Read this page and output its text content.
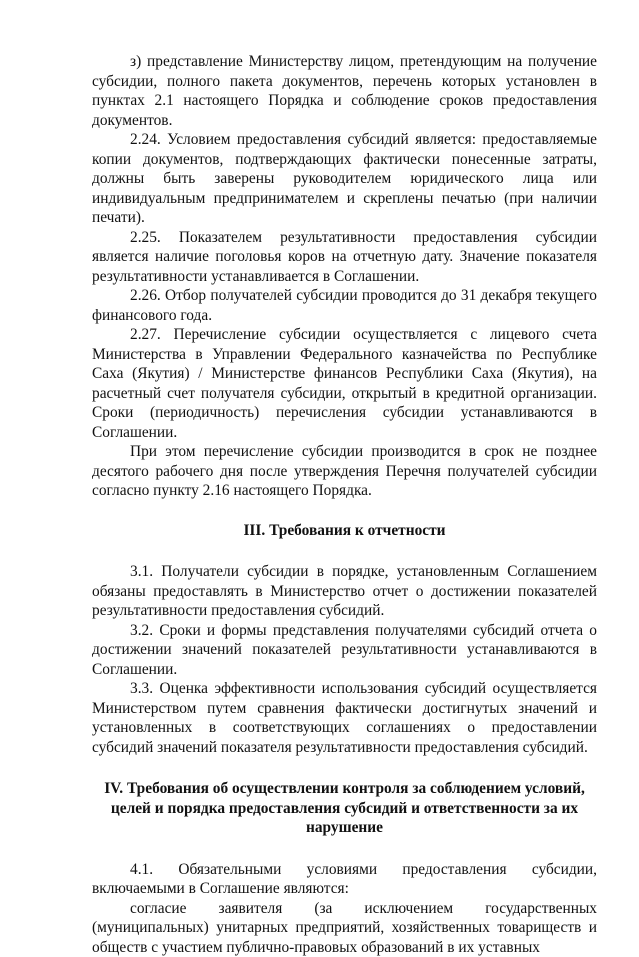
з) представление Министерству лицом, претендующим на получение субсидии, полного пакета документов, перечень которых установлен в пунктах 2.1 настоящего Порядка и соблюдение сроков предоставления документов.

2.24. Условием предоставления субсидий является: предоставляемые копии документов, подтверждающих фактически понесенные затраты, должны быть заверены руководителем юридического лица или индивидуальным предпринимателем и скреплены печатью (при наличии печати).

2.25. Показателем результативности предоставления субсидии является наличие поголовья коров на отчетную дату. Значение показателя результативности устанавливается в Соглашении.

2.26. Отбор получателей субсидии проводится до 31 декабря текущего финансового года.

2.27. Перечисление субсидии осуществляется с лицевого счета Министерства в Управлении Федерального казначейства по Республике Саха (Якутия) / Министерстве финансов Республики Саха (Якутия), на расчетный счет получателя субсидии, открытый в кредитной организации. Сроки (периодичность) перечисления субсидии устанавливаются в Соглашении.

При этом перечисление субсидии производится в срок не позднее десятого рабочего дня после утверждения Перечня получателей субсидии согласно пункту 2.16 настоящего Порядка.

III. Требования к отчетности

3.1. Получатели субсидии в порядке, установленным Соглашением обязаны предоставлять в Министерство отчет о достижении показателей результативности предоставления субсидий.

3.2. Сроки и формы представления получателями субсидий отчета о достижении значений показателей результативности устанавливаются в Соглашении.

3.3. Оценка эффективности использования субсидий осуществляется Министерством путем сравнения фактически достигнутых значений и установленных в соответствующих соглашениях о предоставлении субсидий значений показателя результативности предоставления субсидий.

IV. Требования об осуществлении контроля за соблюдением условий, целей и порядка предоставления субсидий и ответственности за их нарушение

4.1. Обязательными условиями предоставления субсидии, включаемыми в Соглашение являются:

согласие заявителя (за исключением государственных (муниципальных) унитарных предприятий, хозяйственных товариществ и обществ с участием публично-правовых образований в их уставных
